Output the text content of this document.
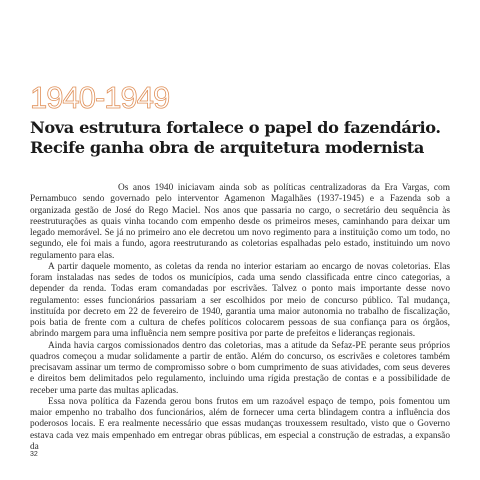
1940-1949
Nova estrutura fortalece o papel do fazendário.
Recife ganha obra de arquitetura modernista

Os anos 1940 iniciavam ainda sob as políticas centralizadoras da Era Vargas, com Pernambuco sendo governado pelo interventor Agamenon Magalhães (1937-1945) e a Fazenda sob a organizada gestão de José do Rego Maciel. Nos anos que passaria no cargo, o secretário deu sequência às reestruturações as quais vinha tocando com empenho desde os primeiros meses, caminhando para deixar um legado memorável. Se já no primeiro ano ele decretou um novo regimento para a instituição como um todo, no segundo, ele foi mais a fundo, agora reestruturando as coletorias espalhadas pelo estado, instituindo um novo regulamento para elas.

A partir daquele momento, as coletas da renda no interior estariam ao encargo de novas coletorias. Elas foram instaladas nas sedes de todos os municípios, cada uma sendo classificada entre cinco categorias, a depender da renda. Todas eram comandadas por escrivães. Talvez o ponto mais importante desse novo regulamento: esses funcionários passariam a ser escolhidos por meio de concurso público. Tal mudança, instituída por decreto em 22 de fevereiro de 1940, garantia uma maior autonomia no trabalho de fiscalização, pois batia de frente com a cultura de chefes políticos colocarem pessoas de sua confiança para os órgãos, abrindo margem para uma influência nem sempre positiva por parte de prefeitos e lideranças regionais.

Ainda havia cargos comissionados dentro das coletorias, mas a atitude da Sefaz-PE perante seus próprios quadros começou a mudar solidamente a partir de então. Além do concurso, os escrivães e coletores também precisavam assinar um termo de compromisso sobre o bom cumprimento de suas atividades, com seus deveres e direitos bem delimitados pelo regulamento, incluindo uma rígida prestação de contas e a possibilidade de receber uma parte das multas aplicadas.

Essa nova política da Fazenda gerou bons frutos em um razoável espaço de tempo, pois fomentou um maior empenho no trabalho dos funcionários, além de fornecer uma certa blindagem contra a influência dos poderosos locais. E era realmente necessário que essas mudanças trouxessem resultado, visto que o Governo estava cada vez mais empenhado em entregar obras públicas, em especial a construção de estradas, a expansão da

32
